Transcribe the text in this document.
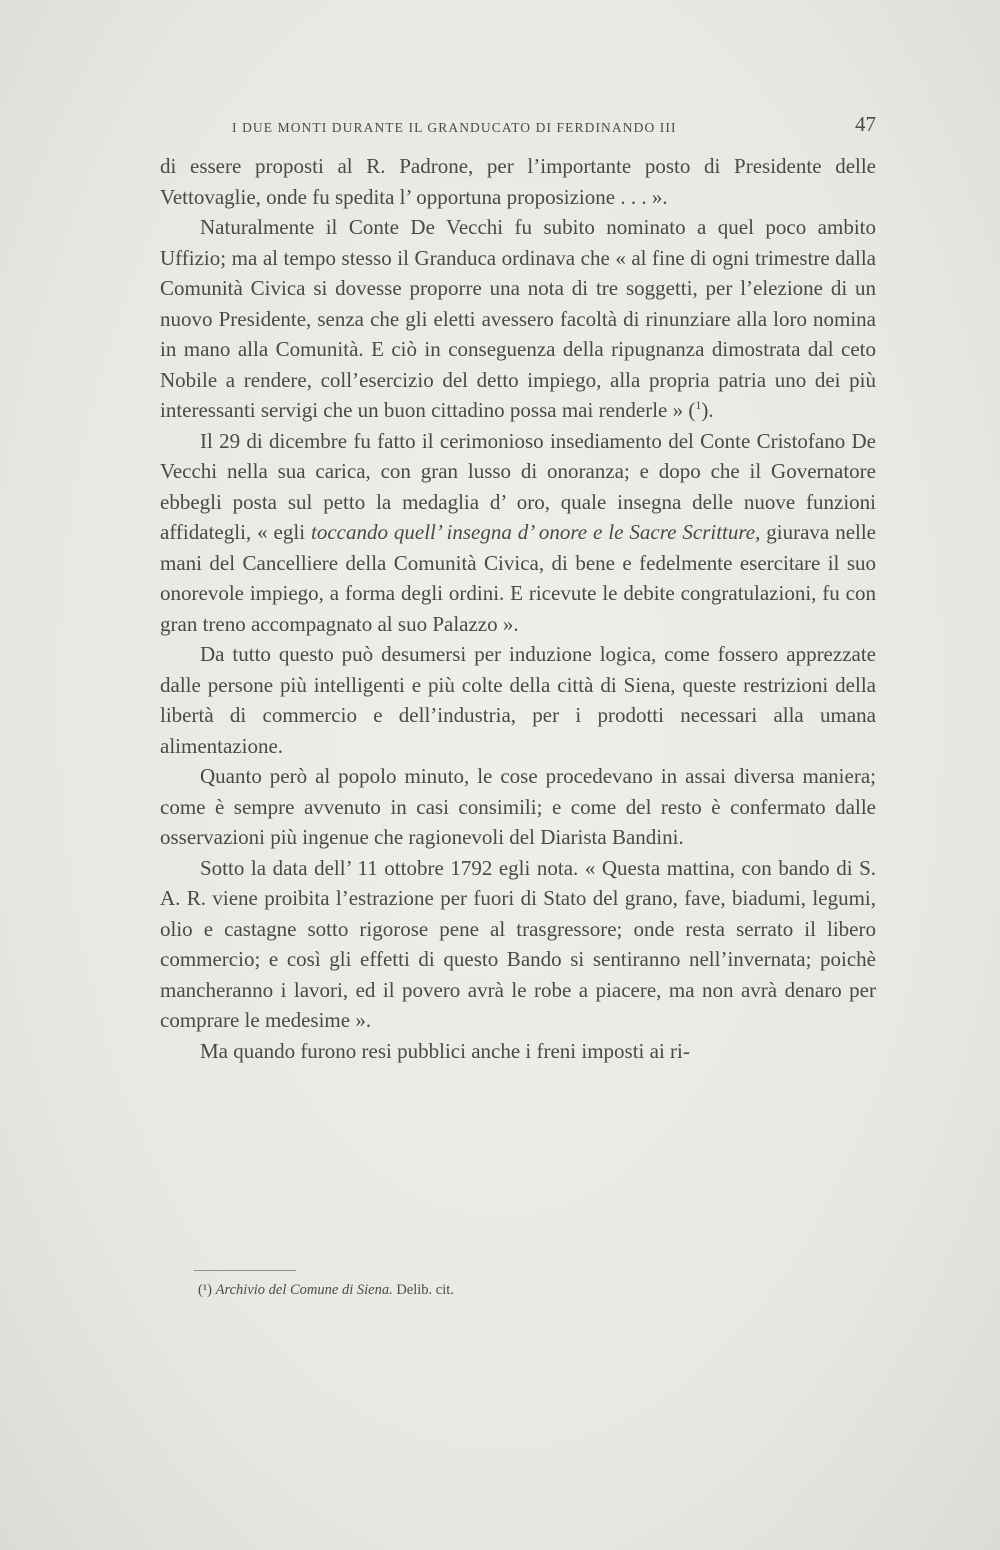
I DUE MONTI DURANTE IL GRANDUCATO DI FERDINANDO III	47

di essere proposti al R. Padrone, per l’importante posto di Presidente delle Vettovaglie, onde fu spedita l’ opportuna proposizione . . . ».

Naturalmente il Conte De Vecchi fu subito nominato a quel poco ambito Uffizio; ma al tempo stesso il Granduca ordinava che « al fine di ogni trimestre dalla Comunità Civica si dovesse proporre una nota di tre soggetti, per l’elezione di un nuovo Presidente, senza che gli eletti avessero facoltà di rinunziare alla loro nomina in mano alla Comunità. E ciò in conseguenza della ripugnanza dimostrata dal ceto Nobile a rendere, coll’esercizio del detto impiego, alla propria patria uno dei più interessanti servigi che un buon cittadino possa mai renderle » ($^1$).

Il 29 di dicembre fu fatto il cerimonioso insediamento del Conte Cristofano De Vecchi nella sua carica, con gran lusso di onoranza; e dopo che il Governatore ebbegli posta sul petto la medaglia d’ oro, quale insegna delle nuove funzioni affidategli, « egli toccando quell’ insegna d’ onore e le Sacre Scritture, giurava nelle mani del Cancelliere della Comunità Civica, di bene e fedelmente esercitare il suo onorevole impiego, a forma degli ordini. E ricevute le debite congratulazioni, fu con gran treno accompagnato al suo Palazzo ».

Da tutto questo può desumersi per induzione logica, come fossero apprezzate dalle persone più intelligenti e più colte della città di Siena, queste restrizioni della libertà di commercio e dell’industria, per i prodotti necessari alla umana alimentazione.

Quanto però al popolo minuto, le cose procedevano in assai diversa maniera; come è sempre avvenuto in casi consimili; e come del resto è confermato dalle osservazioni più ingenue che ragionevoli del Diarista Bandini.

Sotto la data dell’ 11 ottobre 1792 egli nota. « Questa mattina, con bando di S. A. R. viene proibita l’estrazione per fuori di Stato del grano, fave, biadumi, legumi, olio e castagne sotto rigorose pene al trasgressore; onde resta serrato il libero commercio; e così gli effetti di questo Bando si sentiranno nell’invernata; poichè mancheranno i lavori, ed il povero avrà le robe a piacere, ma non avrà denaro per comprare le medesime ».

Ma quando furono resi pubblici anche i freni imposti ai ri-

(¹) Archivio del Comune di Siena. Delib. cit.
